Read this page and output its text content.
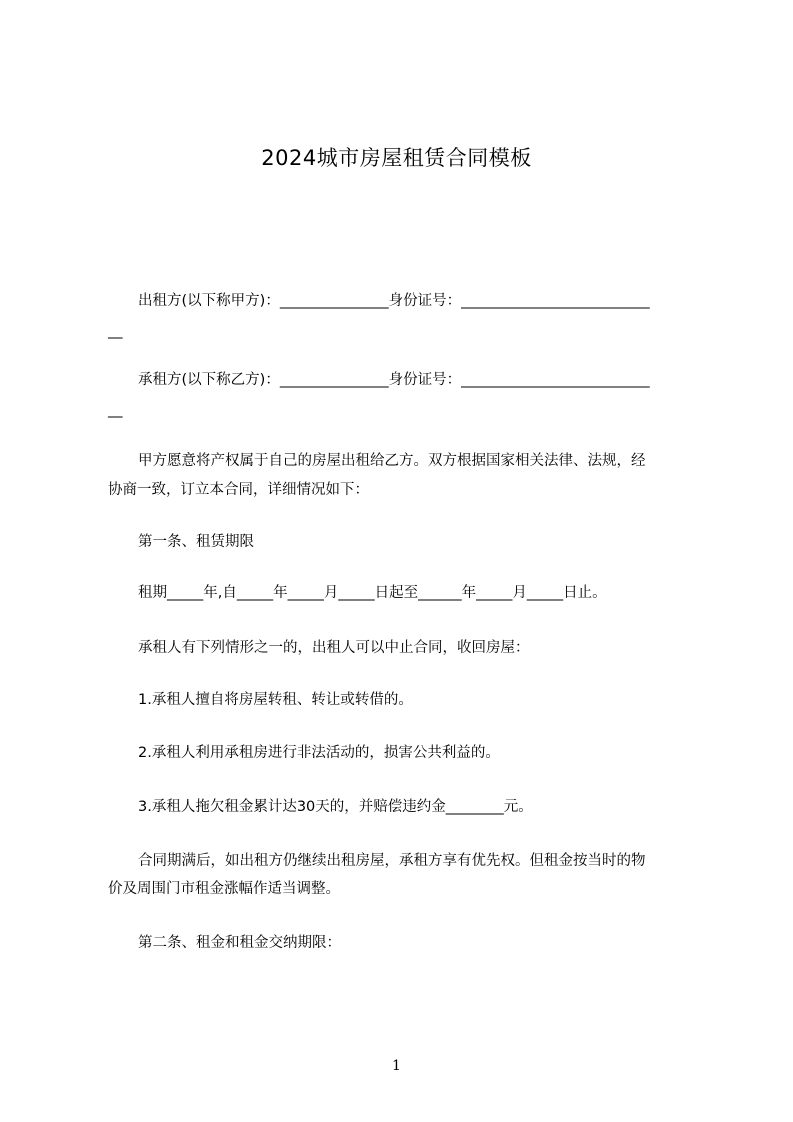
2024城市房屋租赁合同模板
出租方(以下称甲方)：_______________身份证号：__________________________
__
承租方(以下称乙方)：_______________身份证号：__________________________
__
甲方愿意将产权属于自己的房屋出租给乙方。双方根据国家相关法律、法规，经
协商一致，订立本合同，详细情况如下：
第一条、租赁期限
租期_____年,自_____年_____月_____日起至______年_____月_____日止。
承租人有下列情形之一的，出租人可以中止合同，收回房屋：
1.承租人擅自将房屋转租、转让或转借的。
2.承租人利用承租房进行非法活动的，损害公共利益的。
3.承租人拖欠租金累计达30天的，并赔偿违约金________元。
合同期满后，如出租方仍继续出租房屋，承租方享有优先权。但租金按当时的物
价及周围门市租金涨幅作适当调整。
第二条、租金和租金交纳期限：
1
